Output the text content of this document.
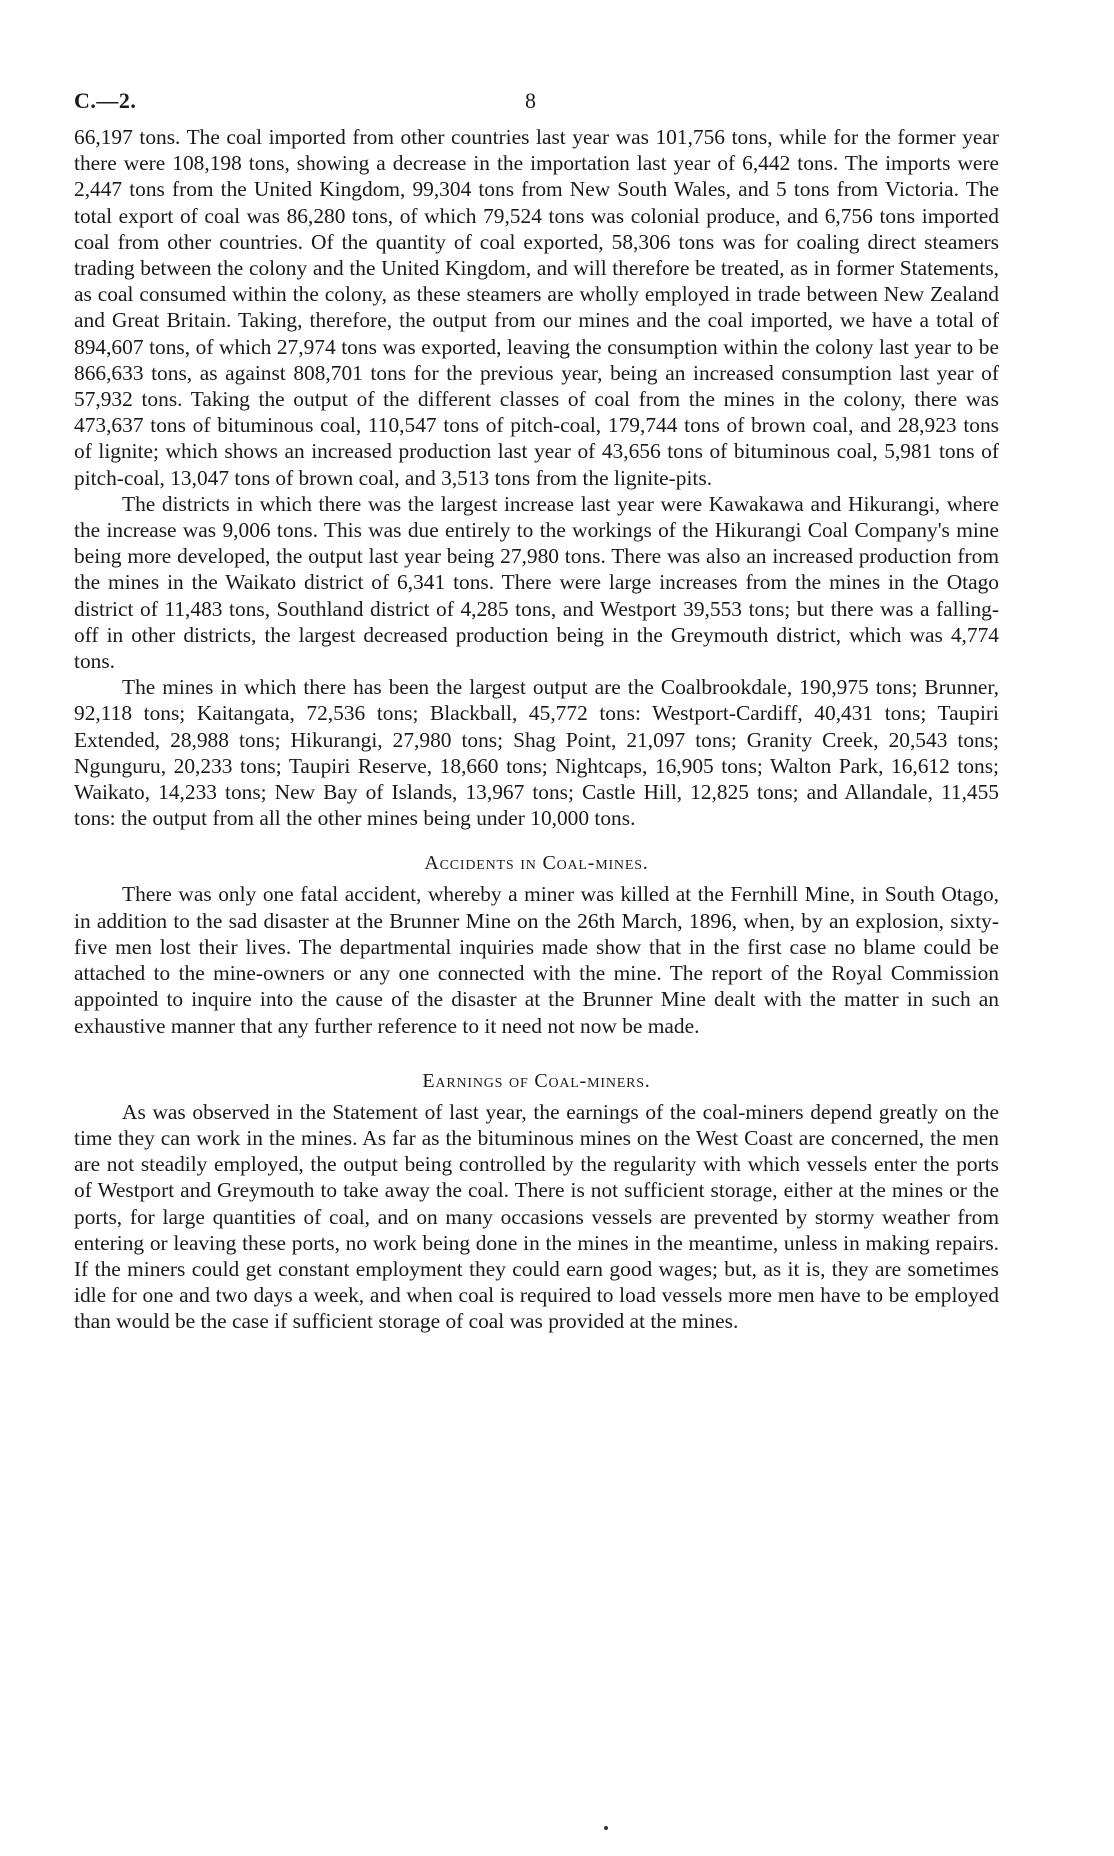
C.—2.	8

66,197 tons. The coal imported from other countries last year was 101,756 tons, while for the former year there were 108,198 tons, showing a decrease in the importation last year of 6,442 tons. The imports were 2,447 tons from the United Kingdom, 99,304 tons from New South Wales, and 5 tons from Victoria. The total export of coal was 86,280 tons, of which 79,524 tons was colonial produce, and 6,756 tons imported coal from other countries. Of the quantity of coal exported, 58,306 tons was for coaling direct steamers trading between the colony and the United Kingdom, and will therefore be treated, as in former Statements, as coal consumed within the colony, as these steamers are wholly employed in trade between New Zealand and Great Britain. Taking, therefore, the output from our mines and the coal imported, we have a total of 894,607 tons, of which 27,974 tons was exported, leaving the consumption within the colony last year to be 866,633 tons, as against 808,701 tons for the previous year, being an increased consumption last year of 57,932 tons. Taking the output of the different classes of coal from the mines in the colony, there was 473,637 tons of bituminous coal, 110,547 tons of pitch-coal, 179,744 tons of brown coal, and 28,923 tons of lignite; which shows an increased production last year of 43,656 tons of bituminous coal, 5,981 tons of pitch-coal, 13,047 tons of brown coal, and 3,513 tons from the lignite-pits.

The districts in which there was the largest increase last year were Kawakawa and Hikurangi, where the increase was 9,006 tons. This was due entirely to the workings of the Hikurangi Coal Company's mine being more developed, the output last year being 27,980 tons. There was also an increased production from the mines in the Waikato district of 6,341 tons. There were large increases from the mines in the Otago district of 11,483 tons, Southland district of 4,285 tons, and Westport 39,553 tons; but there was a falling-off in other districts, the largest decreased production being in the Greymouth district, which was 4,774 tons.

The mines in which there has been the largest output are the Coalbrookdale, 190,975 tons; Brunner, 92,118 tons; Kaitangata, 72,536 tons; Blackball, 45,772 tons: Westport-Cardiff, 40,431 tons; Taupiri Extended, 28,988 tons; Hikurangi, 27,980 tons; Shag Point, 21,097 tons; Granity Creek, 20,543 tons; Ngunguru, 20,233 tons; Taupiri Reserve, 18,660 tons; Nightcaps, 16,905 tons; Walton Park, 16,612 tons; Waikato, 14,233 tons; New Bay of Islands, 13,967 tons; Castle Hill, 12,825 tons; and Allandale, 11,455 tons: the output from all the other mines being under 10,000 tons.

Accidents in Coal-mines.

There was only one fatal accident, whereby a miner was killed at the Fernhill Mine, in South Otago, in addition to the sad disaster at the Brunner Mine on the 26th March, 1896, when, by an explosion, sixty-five men lost their lives. The departmental inquiries made show that in the first case no blame could be attached to the mine-owners or any one connected with the mine. The report of the Royal Commission appointed to inquire into the cause of the disaster at the Brunner Mine dealt with the matter in such an exhaustive manner that any further reference to it need not now be made.

Earnings of Coal-miners.

As was observed in the Statement of last year, the earnings of the coal-miners depend greatly on the time they can work in the mines. As far as the bituminous mines on the West Coast are concerned, the men are not steadily employed, the output being controlled by the regularity with which vessels enter the ports of Westport and Greymouth to take away the coal. There is not sufficient storage, either at the mines or the ports, for large quantities of coal, and on many occasions vessels are prevented by stormy weather from entering or leaving these ports, no work being done in the mines in the meantime, unless in making repairs. If the miners could get constant employment they could earn good wages; but, as it is, they are sometimes idle for one and two days a week, and when coal is required to load vessels more men have to be employed than would be the case if sufficient storage of coal was provided at the mines.
